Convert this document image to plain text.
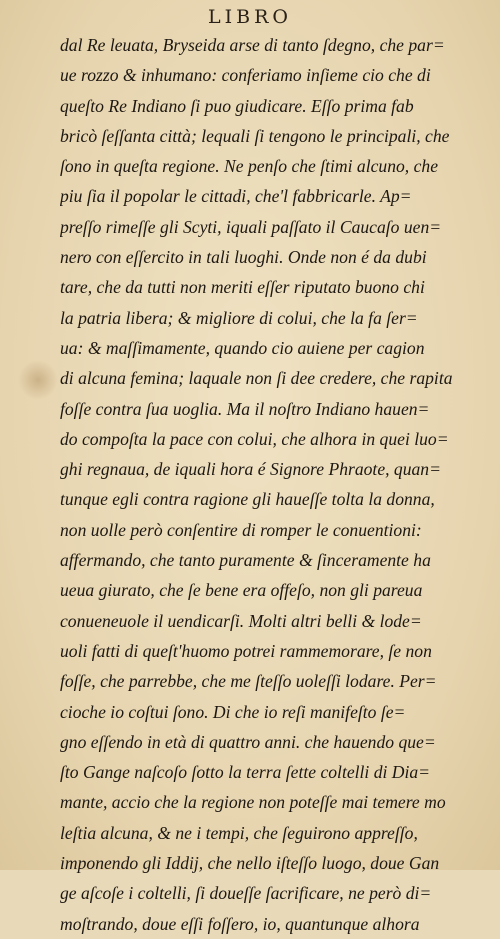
LIBRO
dal Re leuata, Bryseida arse di tanto ſdegno, che par=
ue rozzo & inhumano: conferiamo inſieme cio che di
queſto Re Indiano ſi puo giudicare. Eſſo prima fab
bricò ſeſſanta città; lequali ſi tengono le principali, che
ſono in queſta regione. Ne penſo che ſtimi alcuno, che
piu ſia il popolar le cittadi, che'l fabbricarle. Ap=
preſſo rimeſſe gli Scyti, iquali paſſato il Caucaſo uen=
nero con eſſercito in tali luoghi. Onde non é da dubi
tare, che da tutti non meriti eſſer riputato buono chi
la patria libera; & migliore di colui, che la fa ſer=
ua: & maſſimamente, quando cio auiene per cagion
di alcuna femina; laquale non ſi dee credere, che rapita
foſſe contra ſua uoglia. Ma il noſtro Indiano hauen=
do compoſta la pace con colui, che alhora in quei luo=
ghi regnaua, de iquali hora é Signore Phraote, quan=
tunque egli contra ragione gli haueſſe tolta la donna,
non uolle però conſentire di romper le conuentioni:
affermando, che tanto puramente & ſinceramente ha
ueua giurato, che ſe bene era offeſo, non gli pareua
conueneuole il uendicarſi. Molti altri belli & lode=
uoli fatti di queſt'huomo potrei rammemorare, ſe non
foſſe, che parrebbe, che me ſteſſo uoleſſi lodare. Per=
cioche io coſtui ſono. Di che io reſi manifeſto ſe=
gno eſſendo in età di quattro anni. che hauendo que=
ſto Gange naſcoſo ſotto la terra ſette coltelli di Dia=
mante, accio che la regione non poteſſe mai temere mo
leſtia alcuna, & ne i tempi, che ſeguirono appreſſo,
imponendo gli Iddij, che nello iſteſſo luogo, doue Gan
ge aſcoſe i coltelli, ſi doueſſe ſacrificare, ne però di=
moſtrando, doue eſſi foſſero, io, quantunque alhora
